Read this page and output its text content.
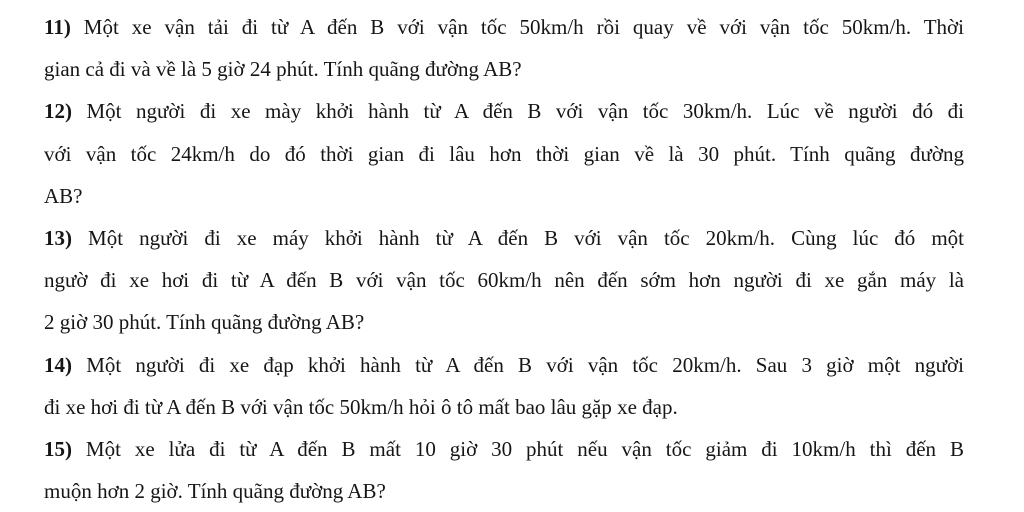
11) Một xe vận tải đi từ A đến B với vận tốc 50km/h rồi quay về với vận tốc 50km/h. Thời
gian cả đi và về là 5 giờ 24 phút. Tính quãng đường AB?
12) Một người đi xe mày khởi hành từ A đến B với vận tốc 30km/h. Lúc về người đó đi
với vận tốc 24km/h do đó thời gian đi lâu hơn thời gian về là 30 phút. Tính quãng đường
AB?
13) Một người đi xe máy khởi hành từ A đến B với vận tốc 20km/h. Cùng lúc đó một
ngườ đi xe hơi đi từ A đến B với vận tốc 60km/h nên đến sớm hơn người đi xe gắn máy là
2 giờ 30 phút. Tính quãng đường AB?
14) Một người đi xe đạp khởi hành từ A đến B với vận tốc 20km/h. Sau 3 giờ một người
đi xe hơi đi từ A đến B với vận tốc 50km/h hỏi ô tô mất bao lâu gặp xe đạp.
15) Một xe lửa đi từ A đến B mất 10 giờ 30 phút nếu vận tốc giảm đi 10km/h thì đến B
muộn hơn 2 giờ. Tính quãng đường AB?
